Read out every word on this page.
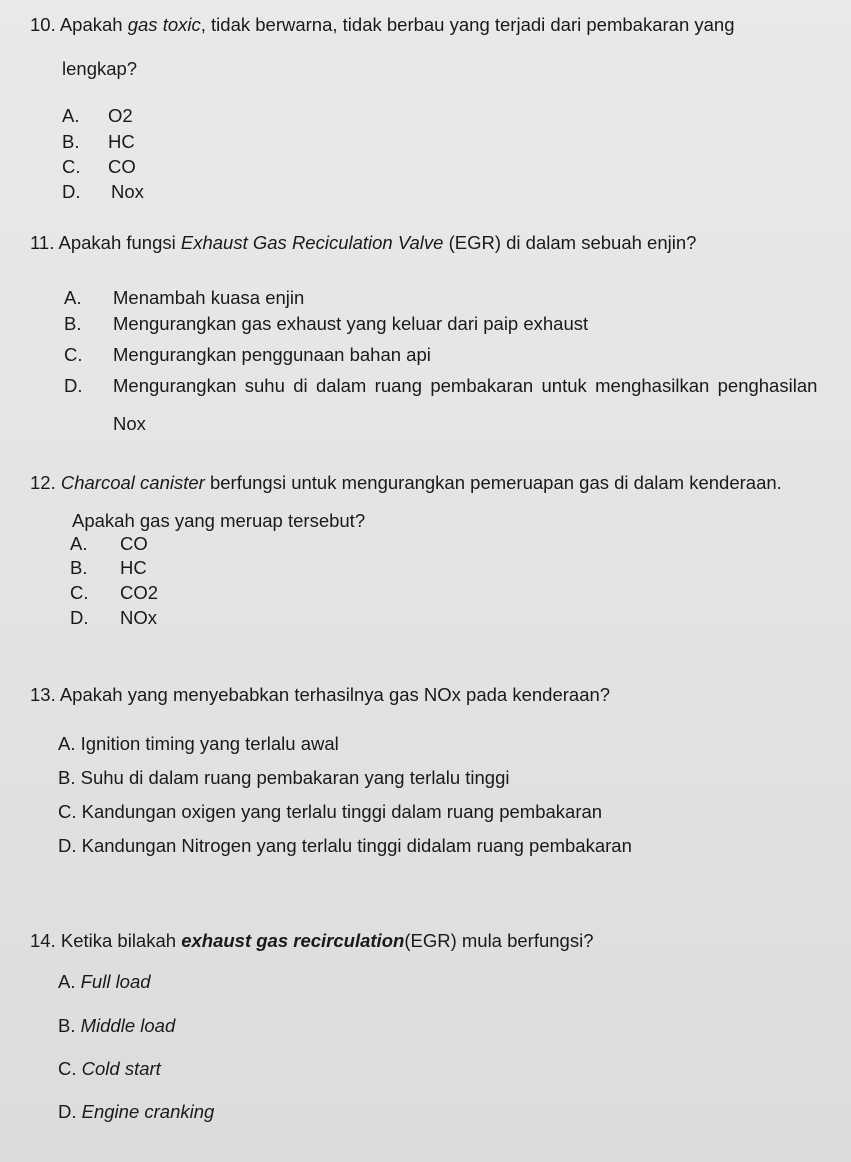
10. Apakah gas toxic, tidak berwarna, tidak berbau yang terjadi dari pembakaran yang
lengkap?
A. O2
B. HC
C. CO
D. Nox
11. Apakah fungsi Exhaust Gas Reciculation Valve (EGR) di dalam sebuah enjin?
A. Menambah kuasa enjin
B. Mengurangkan gas exhaust yang keluar dari paip exhaust
C. Mengurangkan penggunaan bahan api
D. Mengurangkan suhu di dalam ruang pembakaran untuk menghasilkan penghasilan
Nox
12. Charcoal canister berfungsi untuk mengurangkan pemeruapan gas di dalam kenderaan.
Apakah gas yang meruap tersebut?
A. CO
B. HC
C. CO2
D. NOx
13. Apakah yang menyebabkan terhasilnya gas NOx pada kenderaan?
A. Ignition timing yang terlalu awal
B. Suhu di dalam ruang pembakaran yang terlalu tinggi
C. Kandungan oxigen yang terlalu tinggi dalam ruang pembakaran
D. Kandungan Nitrogen yang terlalu tinggi didalam ruang pembakaran
14. Ketika bilakah exhaust gas recirculation(EGR) mula berfungsi?
A. Full load
B. Middle load
C. Cold start
D. Engine cranking
